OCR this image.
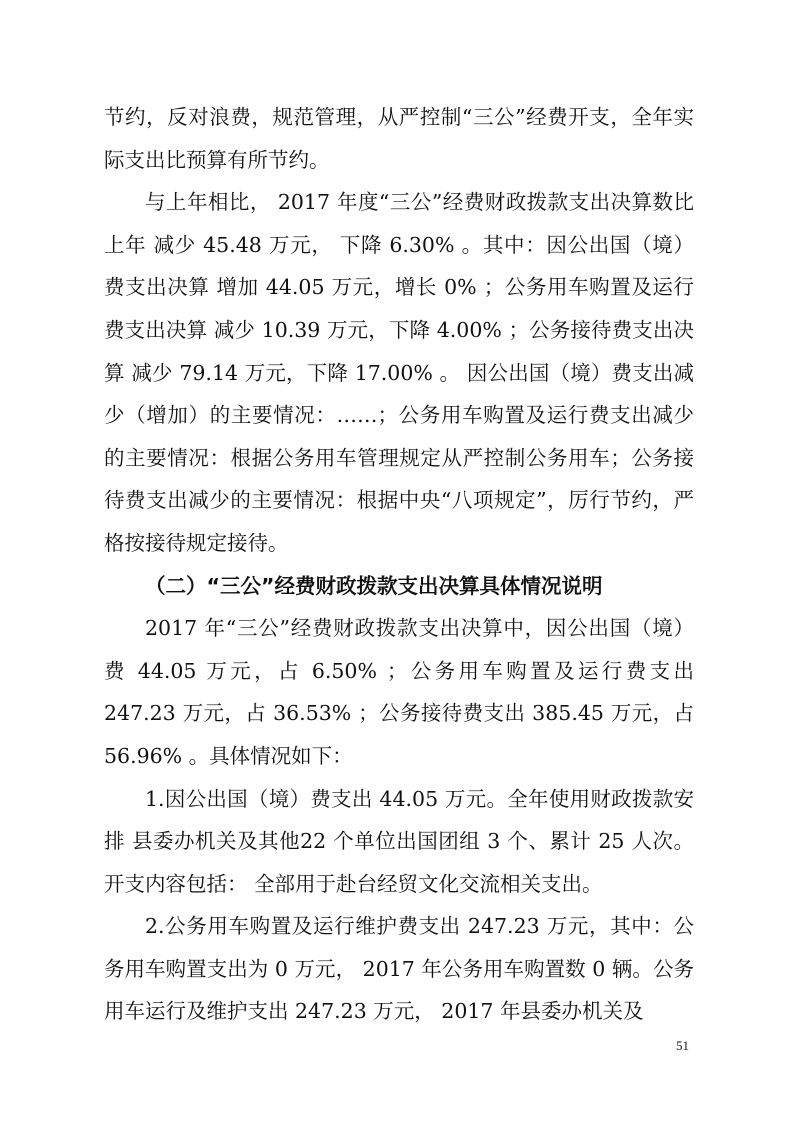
节约，反对浪费，规范管理，从严控制“三公”经费开支，全年实际支出比预算有所节约。

与上年相比， 2017 年度“三公”经费财政拨款支出决算数比上年 减少 45.48 万元， 下降 6.30% 。其中：因公出国（境）费支出决算 增加 44.05 万元，增长 0% ；公务用车购置及运行费支出决算 减少 10.39 万元，下降 4.00% ；公务接待费支出决算 减少 79.14 万元，下降 17.00% 。 因公出国（境）费支出减少（增加）的主要情况：……；公务用车购置及运行费支出减少的主要情况：根据公务用车管理规定从严控制公务用车；公务接待费支出减少的主要情况：根据中央“八项规定”，厉行节约，严格按接待规定接待。

（二）“三公”经费财政拨款支出决算具体情况说明

2017 年“三公”经费财政拨款支出决算中，因公出国（境）费 44.05 万元，占 6.50% ；公务用车购置及运行费支出 247.23 万元，占 36.53% ；公务接待费支出 385.45 万元，占 56.96% 。具体情况如下：

1.因公出国（境）费支出 44.05 万元。全年使用财政拨款安排 县委办机关及其他22 个单位出国团组 3 个、累计 25 人次。开支内容包括： 全部用于赴台经贸文化交流相关支出。

2.公务用车购置及运行维护费支出 247.23 万元，其中：公务用车购置支出为 0 万元， 2017 年公务用车购置数 0 辆。公务用车运行及维护支出 247.23 万元， 2017 年县委办机关及

51
